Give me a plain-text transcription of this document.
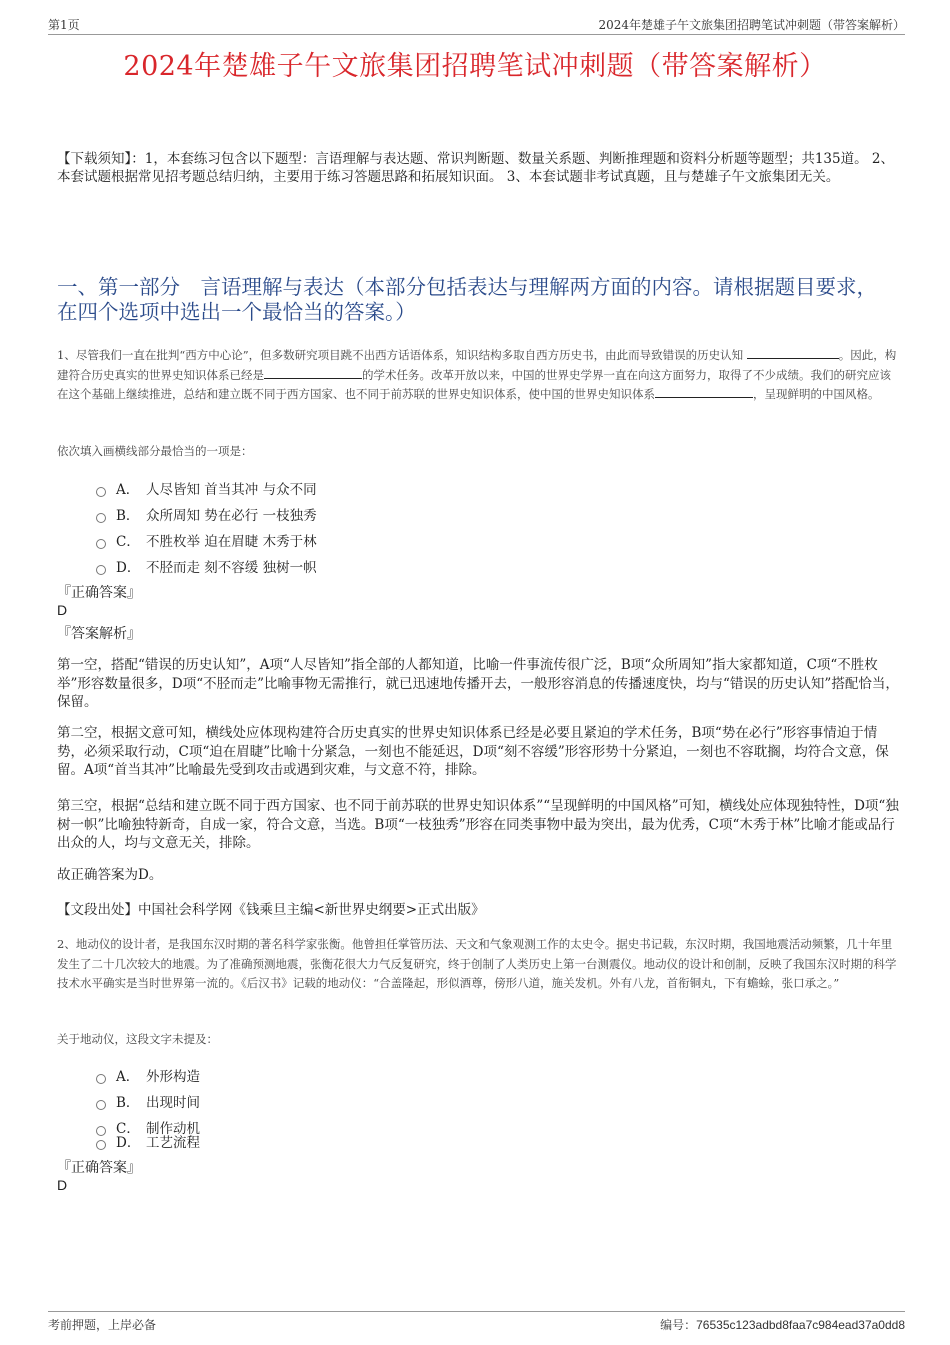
第1页	2024年楚雄子午文旅集团招聘笔试冲刺题（带答案解析）
2024年楚雄子午文旅集团招聘笔试冲刺题（带答案解析）
【下载须知】：1，本套练习包含以下题型：言语理解与表达题、常识判断题、数量关系题、判断推理题和资料分析题等题型；共135道。 2、本套试题根据常见招考题总结归纳，主要用于练习答题思路和拓展知识面。 3、本套试题非考试真题，且与楚雄子午文旅集团无关。
一、第一部分　言语理解与表达（本部分包括表达与理解两方面的内容。请根据题目要求，在四个选项中选出一个最恰当的答案。）
1、尽管我们一直在批判“西方中心论”，但多数研究项目跳不出西方话语体系，知识结构多取自西方历史书，由此而导致错误的历史认知	。因此，构建符合历史真实的世界史知识体系已经是	的学术任务。改革开放以来，中国的世界史学界一直在向这方面努力，取得了不少成绩。我们的研究应该在这个基础上继续推进，总结和建立既不同于西方国家、也不同于前苏联的世界史知识体系，使中国的世界史知识体系	，呈现鲜明的中国风格。
依次填入画横线部分最恰当的一项是：
A． 人尽皆知 首当其冲 与众不同
B． 众所周知 势在必行 一枝独秀
C． 不胜枚举 迫在眉睫 木秀于林
D． 不胫而走 刻不容缓 独树一帜
『正确答案』
D
『答案解析』
第一空，搭配“错误的历史认知”，A项“人尽皆知”指全部的人都知道，比喻一件事流传很广泛，B项“众所周知”指大家都知道，C项“不胜枚举”形容数量很多，D项“不胫而走”比喻事物无需推行，就已迅速地传播开去，一般形容消息的传播速度快，均与“错误的历史认知”搭配恰当，保留。
第二空，根据文意可知，横线处应体现构建符合历史真实的世界史知识体系已经是必要且紧迫的学术任务，B项“势在必行”形容事情迫于情势，必须采取行动，C项“迫在眉睫”比喻十分紧急，一刻也不能延迟，D项“刻不容缓”形容形势十分紧迫，一刻也不容耽搁，均符合文意，保留。A项“首当其冲”比喻最先受到攻击或遇到灾难，与文意不符，排除。
第三空，根据“总结和建立既不同于西方国家、也不同于前苏联的世界史知识体系”“呈现鲜明的中国风格”可知，横线处应体现独特性，D项“独树一帜”比喻独特新奇，自成一家，符合文意，当选。B项“一枝独秀”形容在同类事物中最为突出，最为优秀，C项“木秀于林”比喻才能或品行出众的人，均与文意无关，排除。
故正确答案为D。
【文段出处】中国社会科学网《钱乘旦主编<新世界史纲要>正式出版》
2、地动仪的设计者，是我国东汉时期的著名科学家张衡。他曾担任掌管历法、天文和气象观测工作的太史令。据史书记载，东汉时期，我国地震活动频繁，几十年里发生了二十几次较大的地震。为了准确预测地震，张衡花很大力气反复研究，终于创制了人类历史上第一台测震仪。地动仪的设计和创制，反映了我国东汉时期的科学技术水平确实是当时世界第一流的。《后汉书》记载的地动仪：“合盖隆起，形似酒尊，傍形八道，施关发机。外有八龙，首衔铜丸，下有蟾蜍，张口承之。”
关于地动仪，这段文字未提及：
A． 外形构造
B． 出现时间
C． 制作动机
D． 工艺流程
『正确答案』
D
考前押题，上岸必备	编号：76535c123adbd8faa7c984ead37a0dd8
